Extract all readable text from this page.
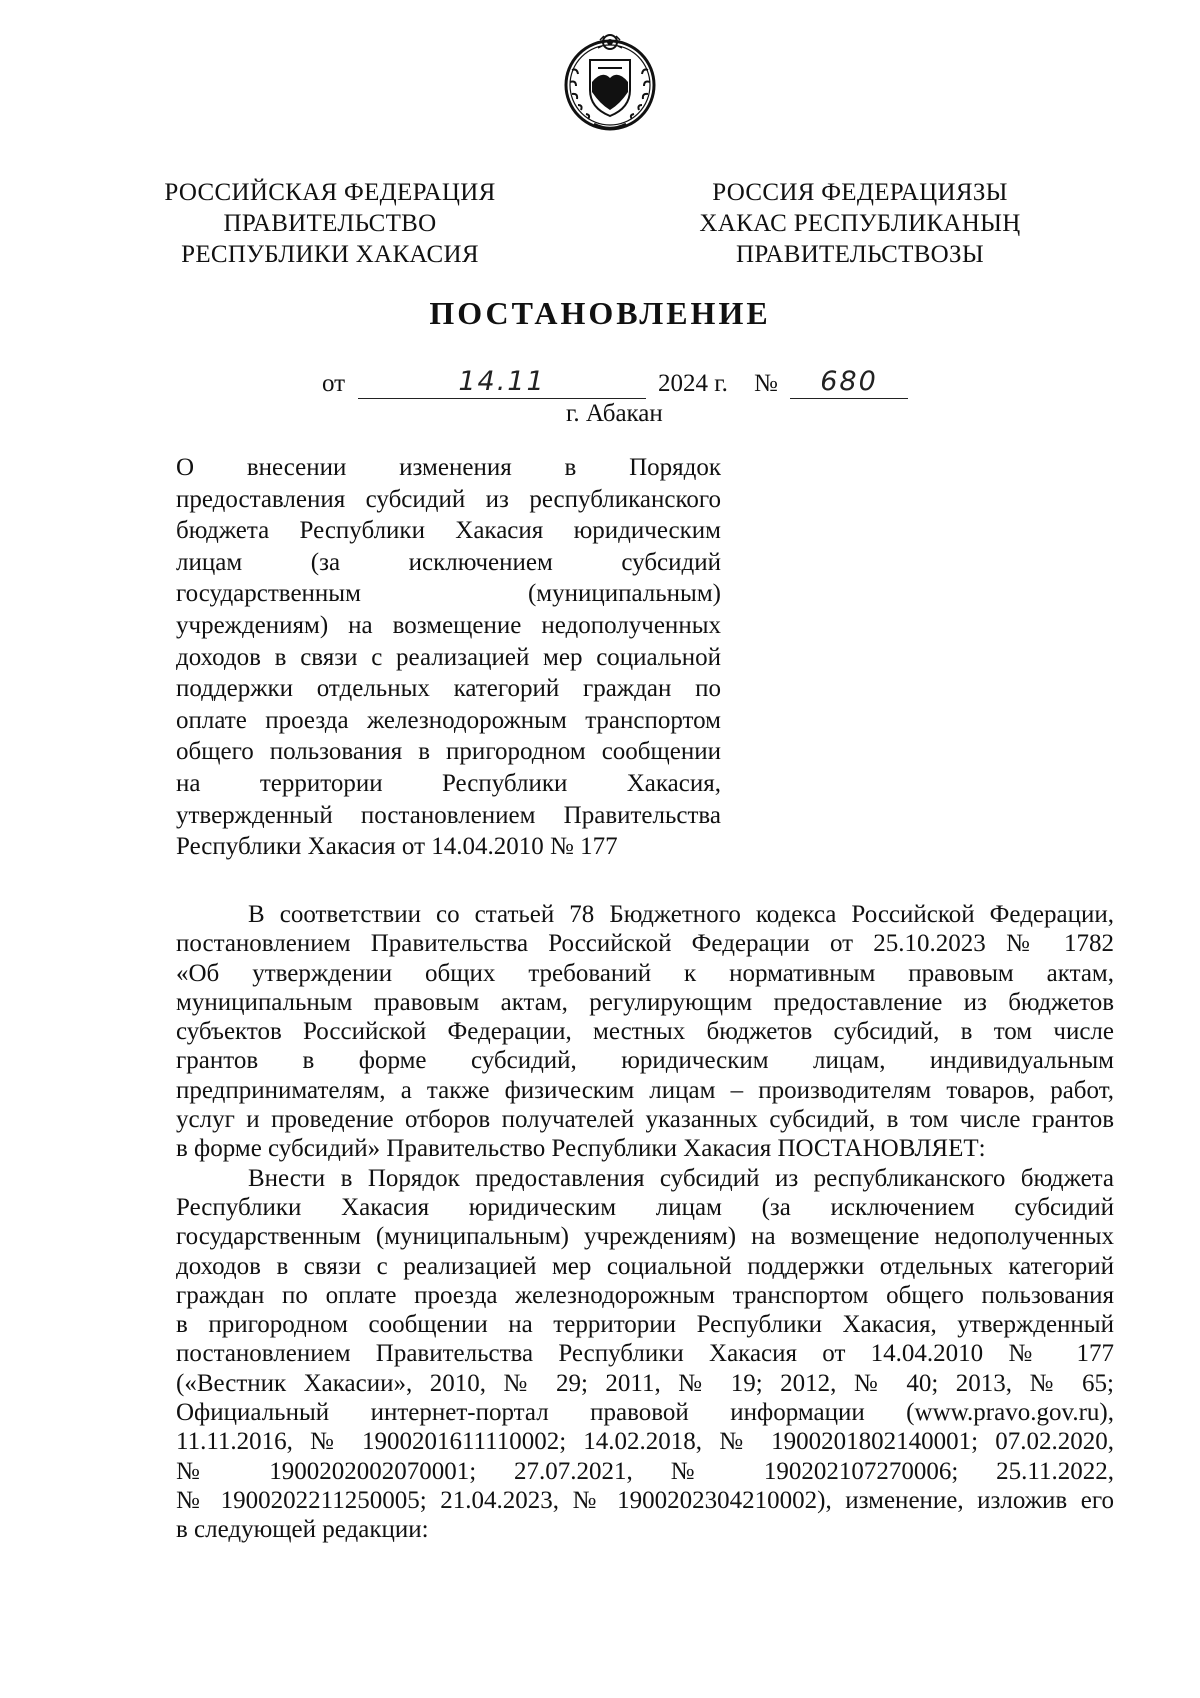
РОССИЙСКАЯ ФЕДЕРАЦИЯ
ПРАВИТЕЛЬСТВО
РЕСПУБЛИКИ ХАКАСИЯ
РОССИЯ ФЕДЕРАЦИЯЗЫ
ХАКАС РЕСПУБЛИКАНЫҢ
ПРАВИТЕЛЬСТВОЗЫ
ПОСТАНОВЛЕНИЕ
от	14.11	2024 г. №	680
г. Абакан
О внесении изменения в Порядок
предоставления субсидий из республиканского
бюджета Республики Хакасия юридическим
лицам (за исключением субсидий
государственным (муниципальным)
учреждениям) на возмещение недополученных
доходов в связи с реализацией мер социальной
поддержки отдельных категорий граждан по
оплате проезда железнодорожным транспортом
общего пользования в пригородном сообщении
на территории Республики Хакасия,
утвержденный постановлением Правительства
Республики Хакасия от 14.04.2010 № 177
В соответствии со статьей 78 Бюджетного кодекса Российской Федерации,
постановлением Правительства Российской Федерации от 25.10.2023 № 1782
«Об утверждении общих требований к нормативным правовым актам,
муниципальным правовым актам, регулирующим предоставление из бюджетов
субъектов Российской Федерации, местных бюджетов субсидий, в том числе
грантов в форме субсидий, юридическим лицам, индивидуальным
предпринимателям, а также физическим лицам – производителям товаров, работ,
услуг и проведение отборов получателей указанных субсидий, в том числе грантов
в форме субсидий» Правительство Республики Хакасия ПОСТАНОВЛЯЕТ:
Внести в Порядок предоставления субсидий из республиканского бюджета
Республики Хакасия юридическим лицам (за исключением субсидий
государственным (муниципальным) учреждениям) на возмещение недополученных
доходов в связи с реализацией мер социальной поддержки отдельных категорий
граждан по оплате проезда железнодорожным транспортом общего пользования
в пригородном сообщении на территории Республики Хакасия, утвержденный
постановлением Правительства Республики Хакасия от 14.04.2010 № 177
(«Вестник Хакасии», 2010, № 29; 2011, № 19; 2012, № 40; 2013, № 65;
Официальный интернет-портал правовой информации (www.pravo.gov.ru),
11.11.2016, № 1900201611110002; 14.02.2018, № 1900201802140001; 07.02.2020,
№ 1900202002070001; 27.07.2021, № 190202107270006; 25.11.2022,
№ 1900202211250005; 21.04.2023, № 1900202304210002), изменение, изложив его
в следующей редакции:
